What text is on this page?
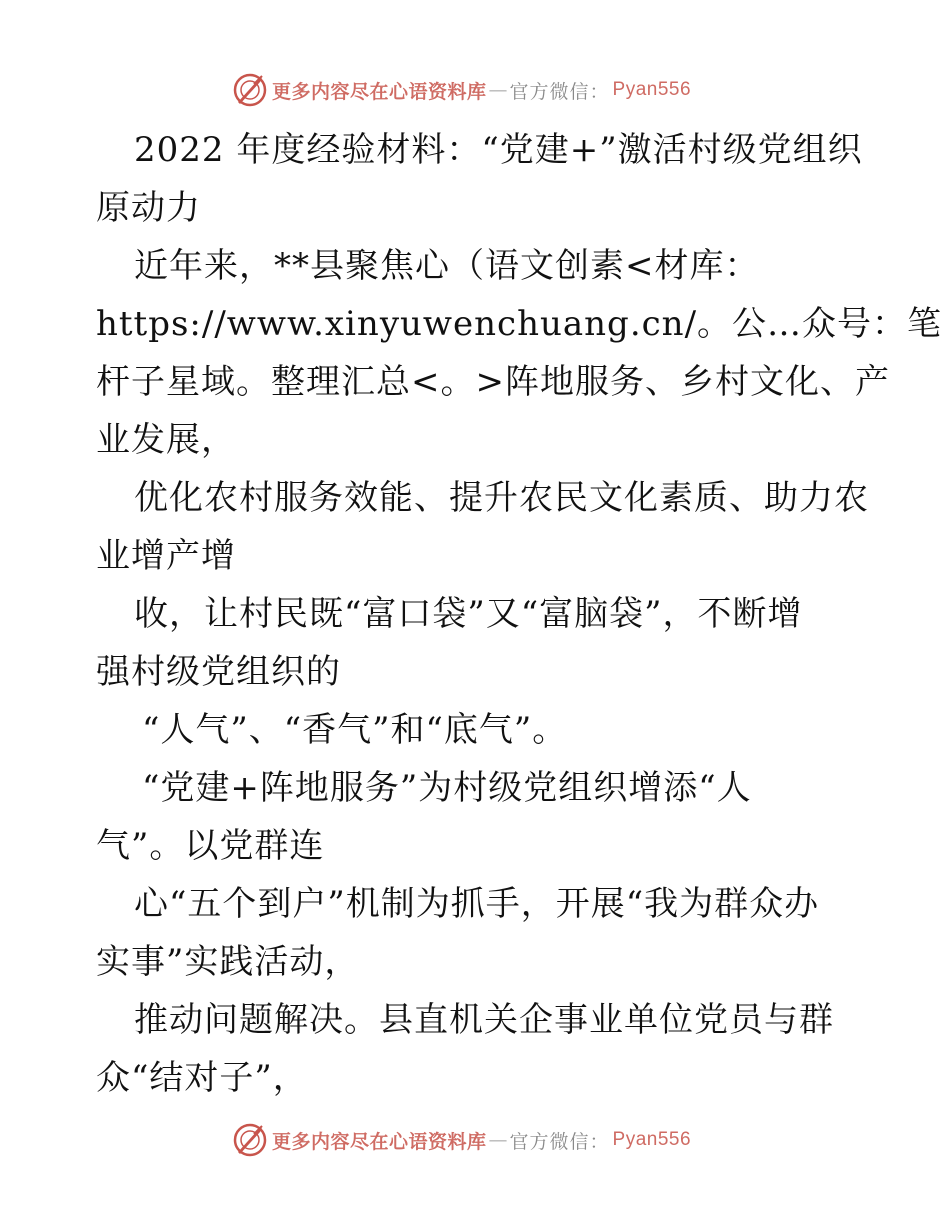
更多内容尽在心语资料库 — 官方微信 ： Pyan556
2022 年度经验材料：“党建+”激活村级党组织
原动力
近年来，**县聚焦心（语文创素<材库：
https://www.xinyuwenchuang.cn/。公…众号：笔
杆子星域。整理汇总<。>阵地服务、乡村文化、产
业发展，
优化农村服务效能、提升农民文化素质、助力农
业增产增
收，让村民既“富口袋”又“富脑袋”，不断增
强村级党组织的
“人气”、“香气”和“底气”。
“党建+阵地服务”为村级党组织增添“人
气”。以党群连
心“五个到户”机制为抓手，开展“我为群众办
实事”实践活动，
推动问题解决。县直机关企事业单位党员与群
众“结对子”，
更多内容尽在心语资料库 — 官方微信 ： Pyan556
